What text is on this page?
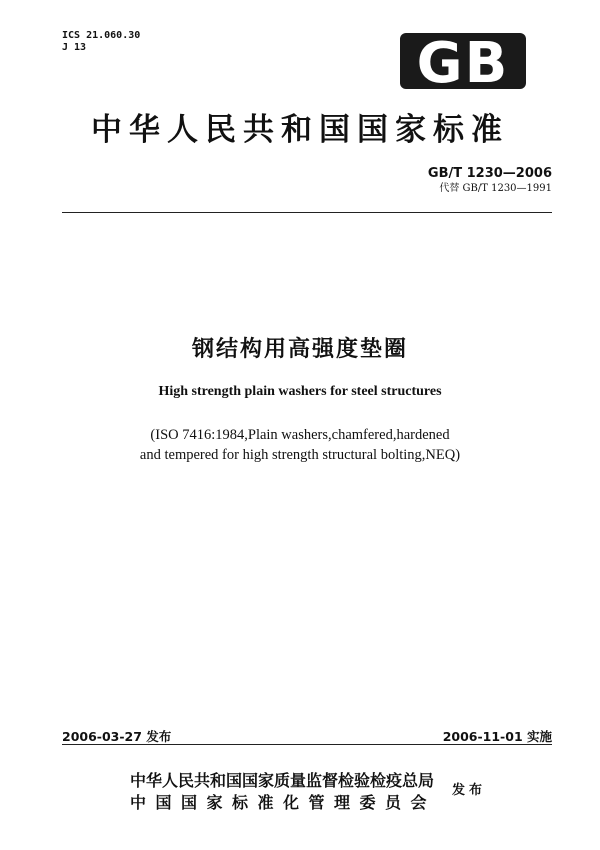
ICS 21.060.30
J 13	GB
中华人民共和国国家标准
GB/T 1230—2006
代替 GB/T 1230—1991
钢结构用高强度垫圈
High strength plain washers for steel structures
(ISO 7416:1984,Plain washers,chamfered,hardened
and tempered for high strength structural bolting,NEQ)
2006-03-27 发布	2006-11-01 实施
中华人民共和国国家质量监督检验检疫总局
中国国家标准化管理委员会
发布
